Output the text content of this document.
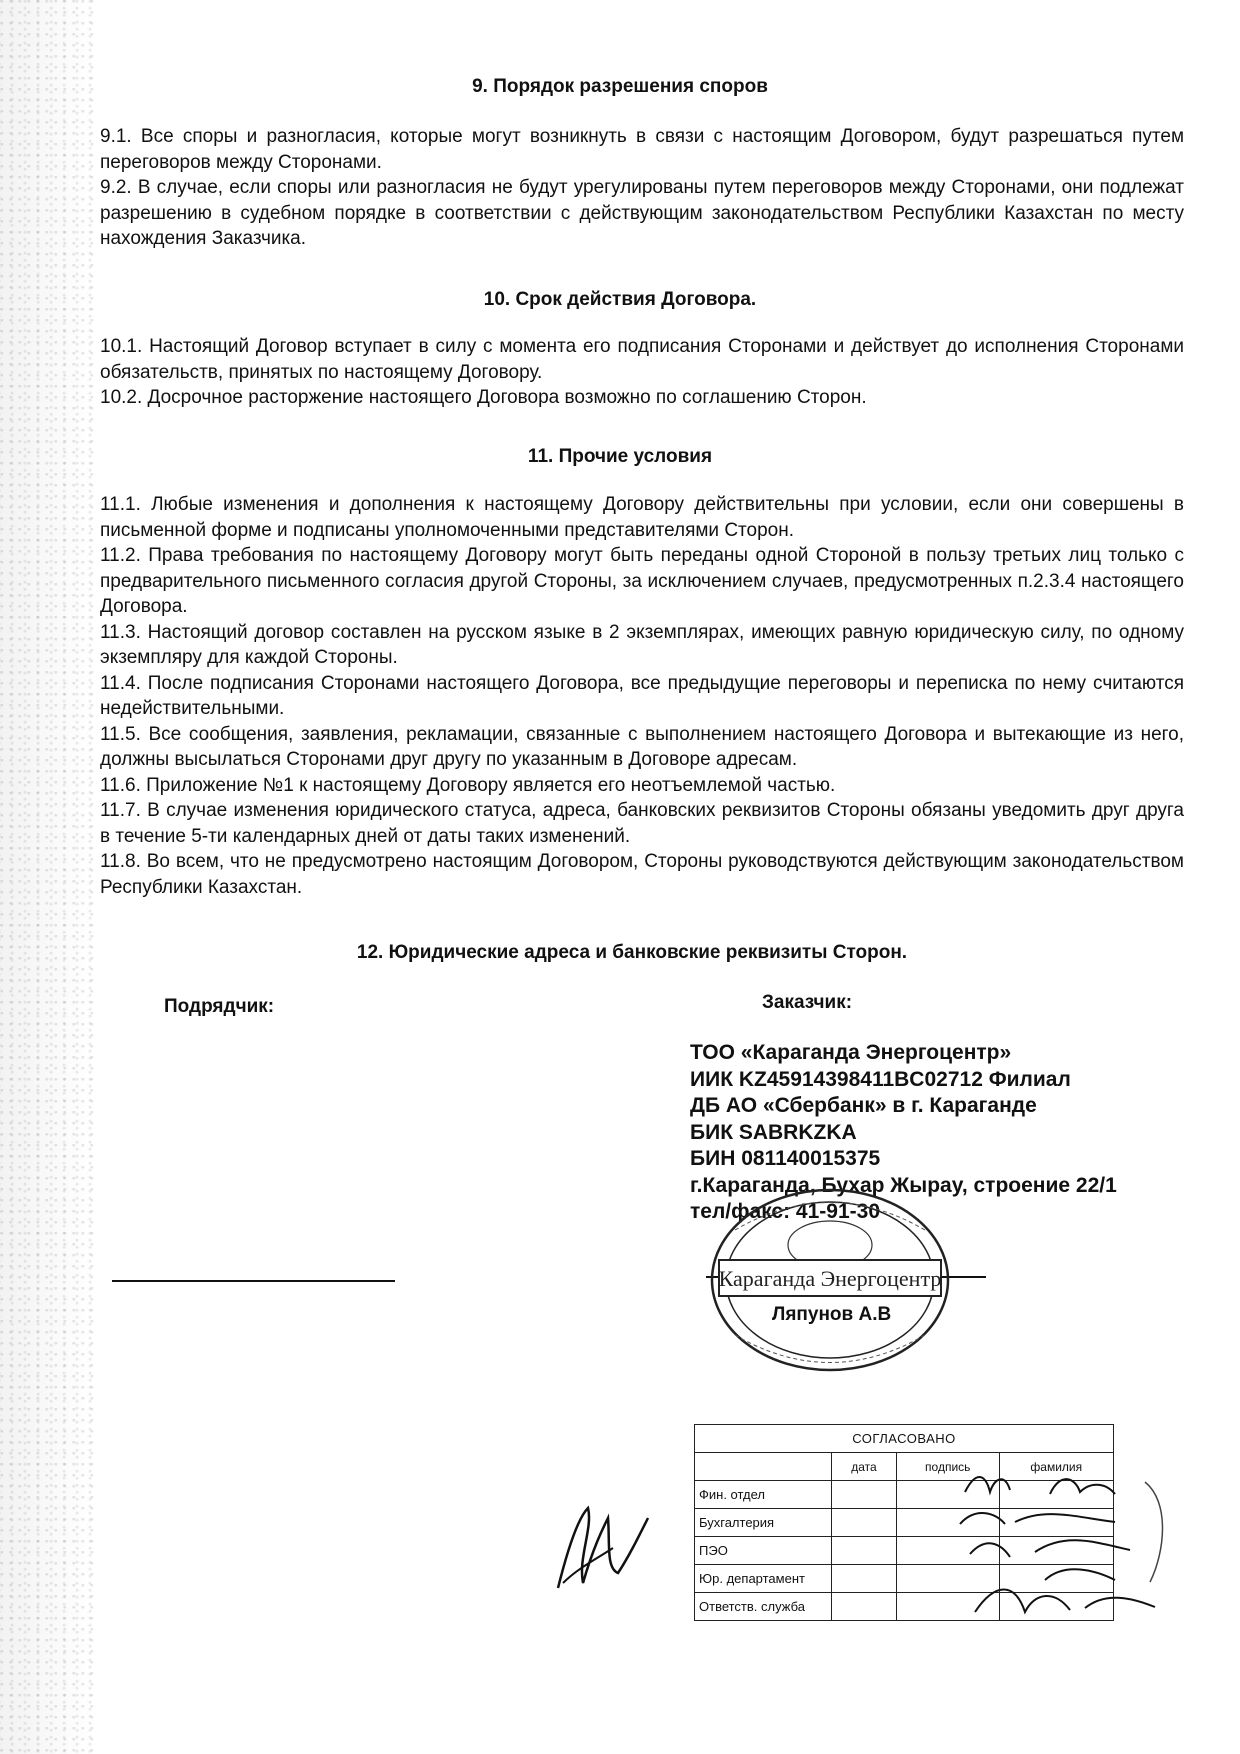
9. Порядок разрешения споров

9.1. Все споры и разногласия, которые могут возникнуть в связи с настоящим Договором, будут разрешаться путем переговоров между Сторонами.

9.2. В случае, если споры или разногласия не будут урегулированы путем переговоров между Сторонами, они подлежат разрешению в судебном порядке в соответствии с действующим законодательством Республики Казахстан по месту нахождения Заказчика.

10. Срок действия Договора.

10.1. Настоящий Договор вступает в силу с момента его подписания Сторонами и действует до исполнения Сторонами обязательств, принятых по настоящему Договору.

10.2. Досрочное расторжение настоящего Договора возможно по соглашению Сторон.

11. Прочие условия

11.1. Любые изменения и дополнения к настоящему Договору действительны при условии, если они совершены в письменной форме и подписаны уполномоченными представителями Сторон.

11.2. Права требования по настоящему Договору могут быть переданы одной Стороной в пользу третьих лиц только с предварительного письменного согласия другой Стороны, за исключением случаев, предусмотренных п.2.3.4 настоящего Договора.

11.3. Настоящий договор составлен на русском языке в 2 экземплярах, имеющих равную юридическую силу, по одному экземпляру для каждой Стороны.

11.4. После подписания Сторонами настоящего Договора, все предыдущие переговоры и переписка по нему считаются недействительными.

11.5. Все сообщения, заявления, рекламации, связанные с выполнением настоящего Договора и вытекающие из него, должны высылаться Сторонами друг другу по указанным в Договоре адресам.

11.6. Приложение №1 к настоящему Договору является его неотъемлемой частью.

11.7. В случае изменения юридического статуса, адреса, банковских реквизитов Стороны обязаны уведомить друг друга в течение 5-ти календарных дней от даты таких изменений.

11.8. Во всем, что не предусмотрено настоящим Договором, Стороны руководствуются действующим законодательством Республики Казахстан.

12. Юридические адреса и банковские реквизиты Сторон.
Подрядчик:	Заказчик:
ТОО «Караганда Энергоцентр»
ИИК KZ45914398411BC02712 Филиал
ДБ АО «Сбербанк» в г. Караганде
БИК SABRKZKA
БИН 081140015375
г.Караганда, Бухар Жырау, строение 22/1
тел/факс: 41-91-30
Караганда Энергоцентр
Ляпунов А.В
СОГЛАСОВАНО			
	дата	подпись	фамилия
Фин. отдел			
Бухгалтерия			
ПЭО			
Юр. департамент			
Ответств. служба			
